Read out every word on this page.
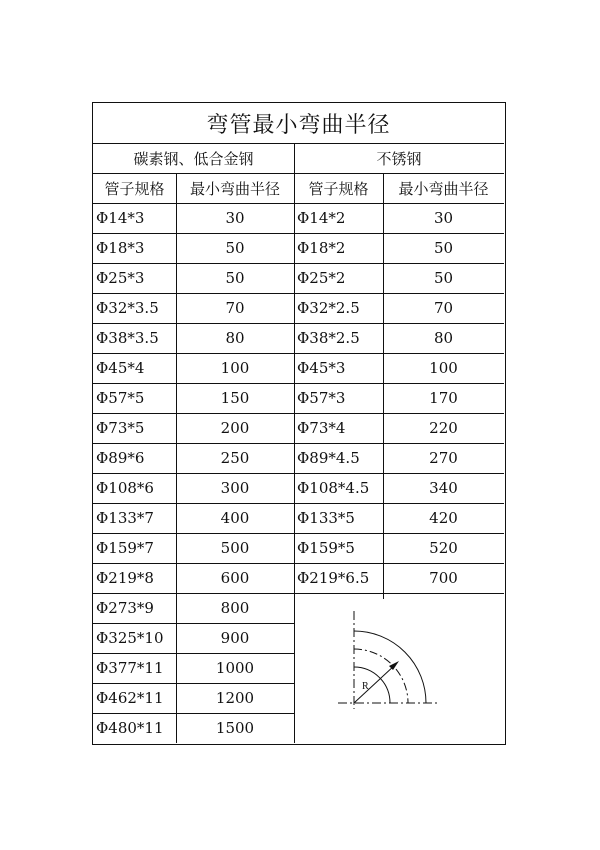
弯管最小弯曲半径
碳素钢、低合金钢	不锈钢
管子规格	最小弯曲半径	管子规格	最小弯曲半径
R
Φ14*3	30	Φ14*2	30
Φ18*3	50	Φ18*2	50
Φ25*3	50	Φ25*2	50
Φ32*3.5	70	Φ32*2.5	70
Φ38*3.5	80	Φ38*2.5	80
Φ45*4	100	Φ45*3	100
Φ57*5	150	Φ57*3	170
Φ73*5	200	Φ73*4	220
Φ89*6	250	Φ89*4.5	270
Φ108*6	300	Φ108*4.5	340
Φ133*7	400	Φ133*5	420
Φ159*7	500	Φ159*5	520
Φ219*8	600	Φ219*6.5	700
Φ273*9	800
Φ325*10	900
Φ377*11	1000
Φ462*11	1200
Φ480*11	1500
